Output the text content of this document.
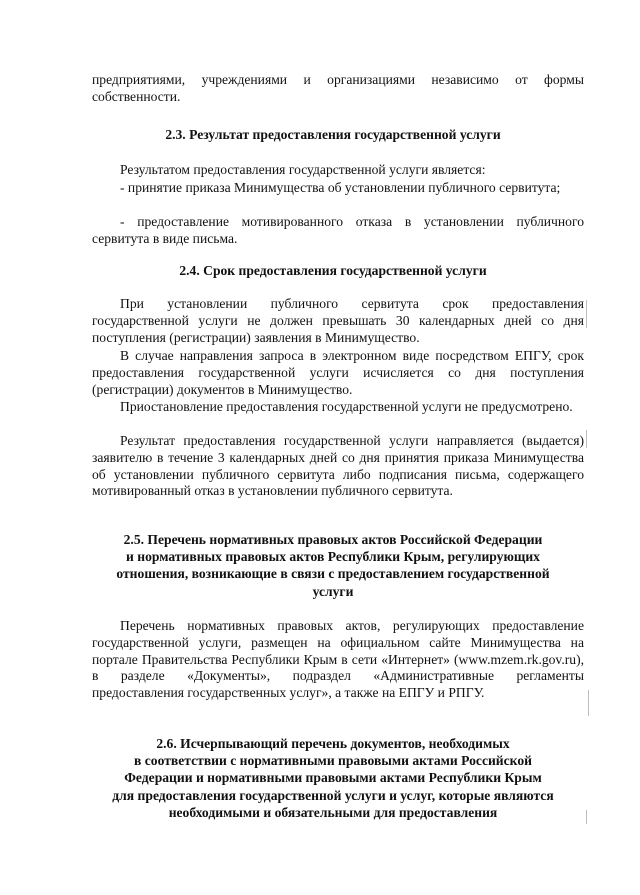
предприятиями, учреждениями и организациями независимо от формы собственности.

2.3. Результат предоставления государственной услуги

Результатом предоставления государственной услуги является:

- принятие приказа Минимущества об установлении публичного сервитута;

- предоставление мотивированного отказа в установлении публичного сервитута в виде письма.

2.4. Срок предоставления государственной услуги

При установлении публичного сервитута срок предоставления государственной услуги не должен превышать 30 календарных дней со дня поступления (регистрации) заявления в Минимущество.

В случае направления запроса в электронном виде посредством ЕПГУ, срок предоставления государственной услуги исчисляется со дня поступления (регистрации) документов в Минимущество.

Приостановление предоставления государственной услуги не предусмотрено.

Результат предоставления государственной услуги направляется (выдается) заявителю в течение 3 календарных дней со дня принятия приказа Минимущества об установлении публичного сервитута либо подписания письма, содержащего мотивированный отказ в установлении публичного сервитута.

2.5. Перечень нормативных правовых актов Российской Федерации
и нормативных правовых актов Республики Крым, регулирующих
отношения, возникающие в связи с предоставлением государственной
услуги

Перечень нормативных правовых актов, регулирующих предоставление государственной услуги, размещен на официальном сайте Минимущества на портале Правительства Республики Крым в сети «Интернет» (www.mzem.rk.gov.ru), в разделе «Документы», подраздел «Административные регламенты предоставления государственных услуг», а также на ЕПГУ и РПГУ.

2.6. Исчерпывающий перечень документов, необходимых
в соответствии с нормативными правовыми актами Российской
Федерации и нормативными правовыми актами Республики Крым
для предоставления государственной услуги и услуг, которые являются
необходимыми и обязательными для предоставления
